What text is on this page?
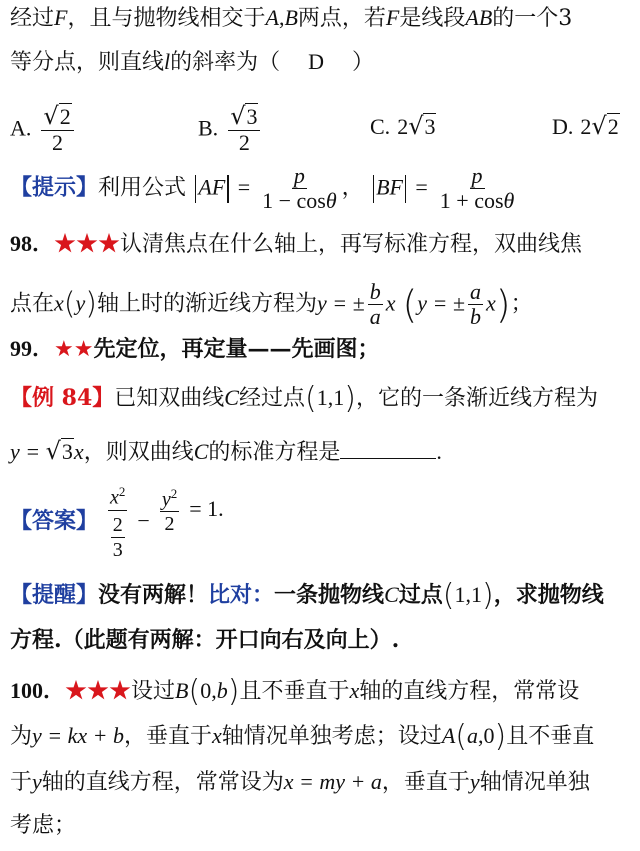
经过F，且与抛物线相交于A,B两点，若F是线段AB的一个3
等分点，则直线l的斜率为（ D ）
A. $\frac{√2}{2}$	B. $\frac{√3}{2}$	C. 2√3	D. 2√2
【提示】利用公式 AF = $\frac{p}{1 - \cos\theta}$ ， BF = $\frac{p}{1 + \cos\theta}$
98．★★★认清焦点在什么轴上，再写标准方程，双曲线焦
点在x(y)轴上时的渐近线方程为y = ± $\frac{b}{a}$ x (y = ± $\frac{a}{b} x$)；
99．★★先定位，再定量——先画图；
【例 84】已知双曲线C经过点(1,1)，它的一条渐近线方程为
y = √3x，则双曲线C的标准方程是	.
【答案】 $\frac{x^2}{\frac{2}{3}} - \frac{y^2}{2} = 1$.
【提醒】没有两解！比对：一条抛物线C过点(1,1)，求抛物线
方程.（此题有两解：开口向右及向上）.
100．★★★设过B(0,b)且不垂直于x轴的直线方程，常常设
为y = kx + b，垂直于x轴情况单独考虑；设过A(a,0)且不垂直
于y轴的直线方程，常常设为x = my + a，垂直于y轴情况单独
考虑；
